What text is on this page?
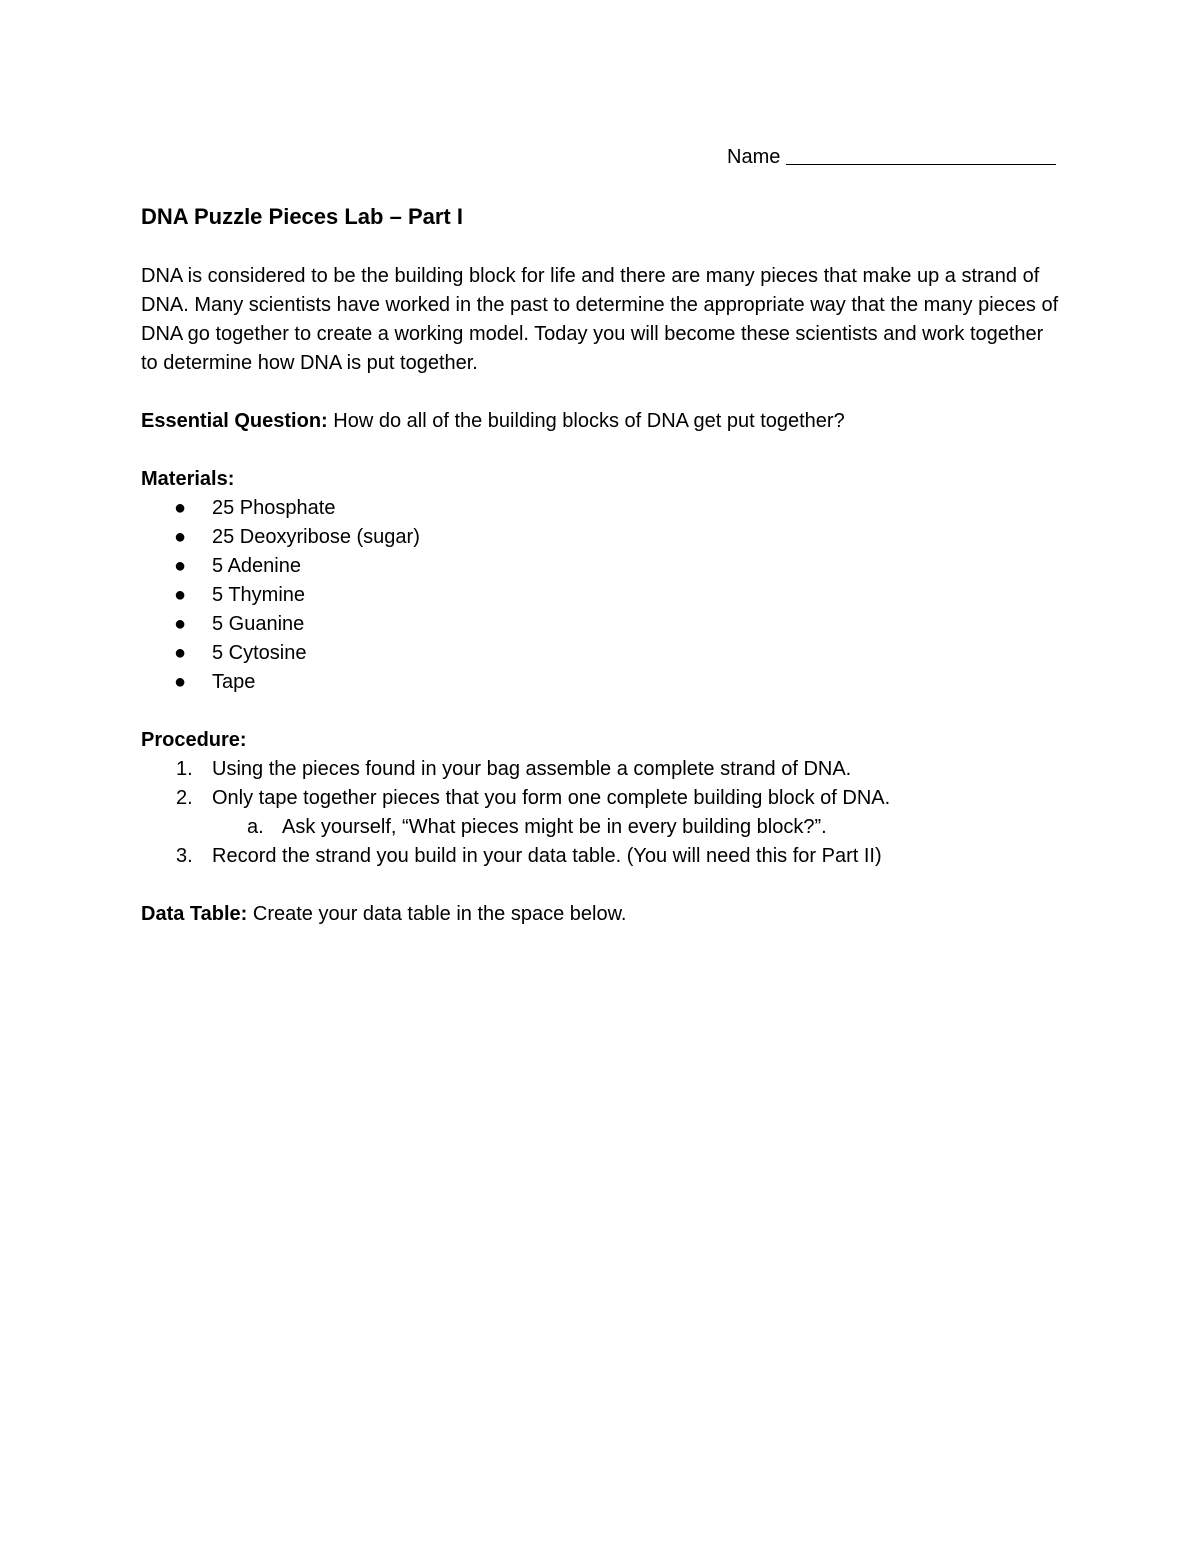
Name
DNA Puzzle Pieces Lab – Part I

DNA is considered to be the building block for life and there are many pieces that make up a strand of DNA. Many scientists have worked in the past to determine the appropriate way that the many pieces of DNA go together to create a working model. Today you will become these scientists and work together to determine how DNA is put together.

Essential Question: How do all of the building blocks of DNA get put together?

Materials:

● 25 Phosphate
● 25 Deoxyribose (sugar)
● 5 Adenine
● 5 Thymine
● 5 Guanine
● 5 Cytosine
● Tape

Procedure:

1. Using the pieces found in your bag assemble a complete strand of DNA.
2. Only tape together pieces that you form one complete building block of DNA.
a. Ask yourself, “What pieces might be in every building block?”.
3. Record the strand you build in your data table. (You will need this for Part II)

Data Table: Create your data table in the space below.
